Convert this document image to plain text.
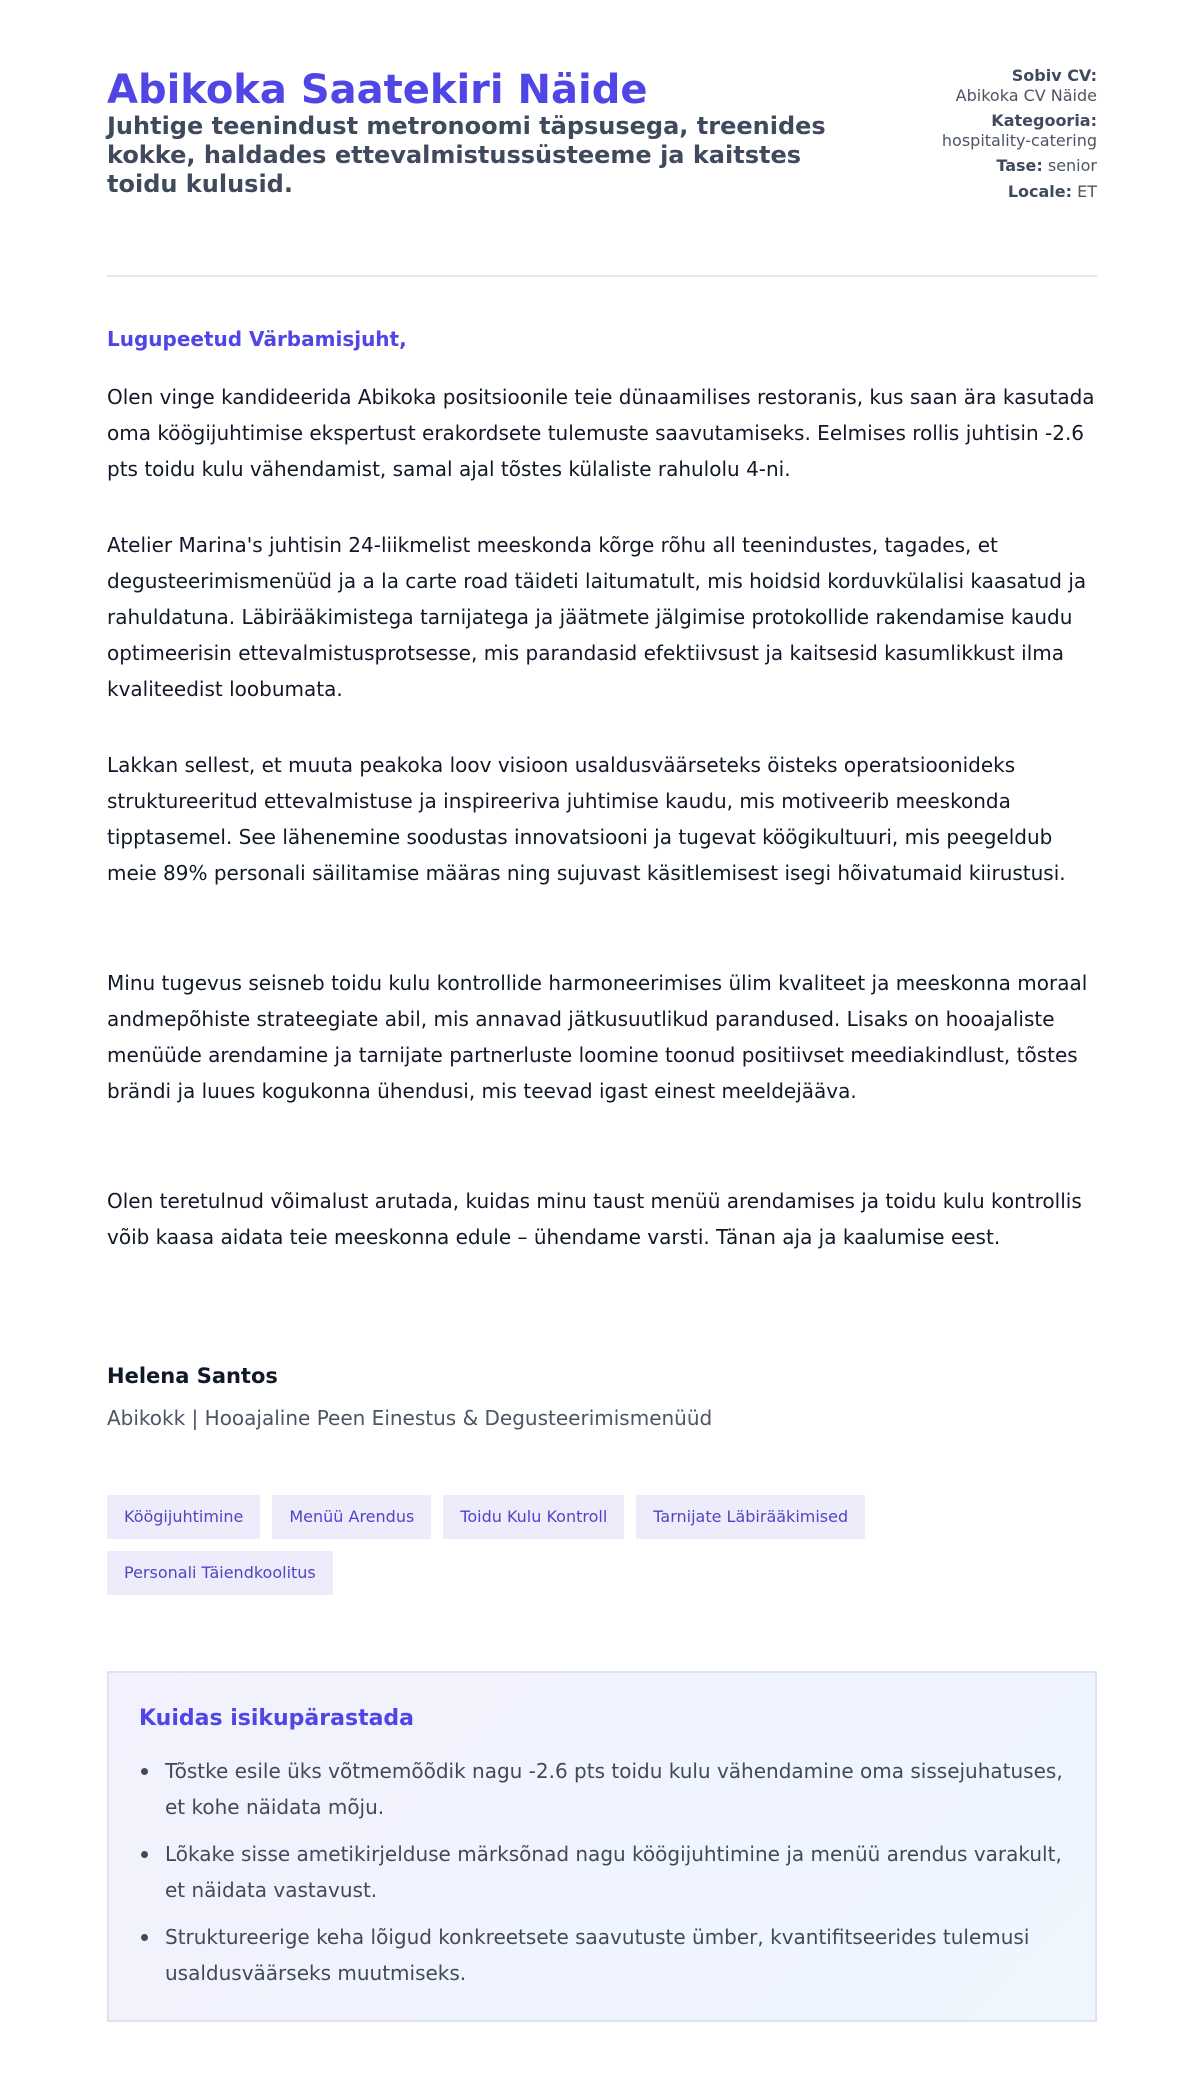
Abikoka Saatekiri Näide
Juhtige teenindust metronoomi täpsusega, treenides kokke, haldades ettevalmistussüsteeme ja kaitstes toidu kulusid.
Sobiv CV:
Abikoka CV Näide
Kategooria:
hospitality-catering
Tase: senior
Locale: ET
Lugupeetud Värbamisjuht,

Olen vinge kandideerida Abikoka positsioonile teie dünaamilises restoranis, kus saan ära kasutada oma köögijuhtimise ekspertust erakordsete tulemuste saavutamiseks. Eelmises rollis juhtisin -2.6 pts toidu kulu vähendamist, samal ajal tõstes külaliste rahulolu 4-ni.

Atelier Marina's juhtisin 24-liikmelist meeskonda kõrge rõhu all teenindustes, tagades, et degusteerimismenüüd ja a la carte road täideti laitumatult, mis hoidsid korduvkülalisi kaasatud ja rahuldatuna. Läbirääkimistega tarnijatega ja jäätmete jälgimise protokollide rakendamise kaudu optimeerisin ettevalmistusprotsesse, mis parandasid efektiivsust ja kaitsesid kasumlikkust ilma kvaliteedist loobumata.

Lakkan sellest, et muuta peakoka loov visioon usaldusväärseteks öisteks operatsioonideks struktureeritud ettevalmistuse ja inspireeriva juhtimise kaudu, mis motiveerib meeskonda tipptasemel. See lähenemine soodustas innovatsiooni ja tugevat köögikultuuri, mis peegeldub meie 89% personali säilitamise määras ning sujuvast käsitlemisest isegi hõivatumaid kiirustusi.

Minu tugevus seisneb toidu kulu kontrollide harmoneerimises ülim kvaliteet ja meeskonna moraal andmepõhiste strateegiate abil, mis annavad jätkusuutlikud parandused. Lisaks on hooajaliste menüüde arendamine ja tarnijate partnerluste loomine toonud positiivset meediakindlust, tõstes brändi ja luues kogukonna ühendusi, mis teevad igast einest meeldejääva.

Olen teretulnud võimalust arutada, kuidas minu taust menüü arendamises ja toidu kulu kontrollis võib kaasa aidata teie meeskonna edule – ühendame varsti. Tänan aja ja kaalumise eest.

Helena Santos
Abikokk | Hooajaline Peen Einestus & Degusteerimismenüüd
Köögijuhtimine	Menüü Arendus	Toidu Kulu Kontroll	Tarnijate Läbirääkimised
Personali Täiendkoolitus
Kuidas isikupärastada
Tõstke esile üks võtmemõõdik nagu -2.6 pts toidu kulu vähendamine oma sissejuhatuses, et kohe näidata mõju.
Lõkake sisse ametikirjelduse märksõnad nagu köögijuhtimine ja menüü arendus varakult, et näidata vastavust.
Struktureerige keha lõigud konkreetsete saavutuste ümber, kvantifitseerides tulemusi usaldusväärseks muutmiseks.
